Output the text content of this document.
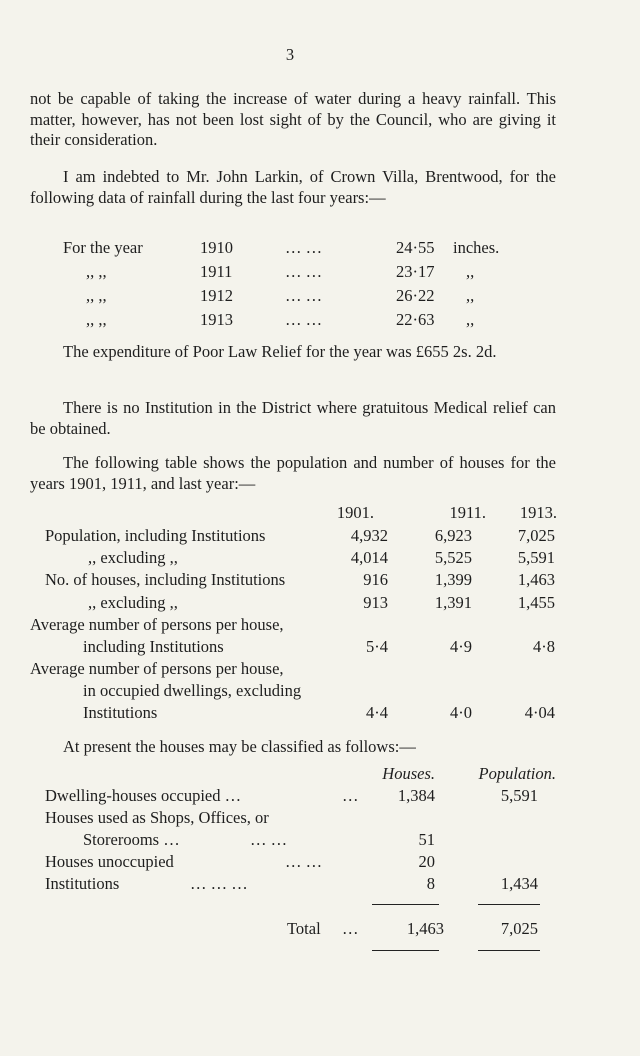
3

not be capable of taking the increase of water during a heavy rainfall. This matter, however, has not been lost sight of by the Council, who are giving it their consideration.

I am indebted to Mr. John Larkin, of Crown Villa, Brentwood, for the following data of rainfall during the last four years:—

For the year	1910	… …	24·55 inches.
,, ,,	1911	… …	23·17 ,,
,, ,,	1912	… …	26·22 ,,
,, ,,	1913	… …	22·63 ,,

The expenditure of Poor Law Relief for the year was £655 2s. 2d.

There is no Institution in the District where gratuitous Medical relief can be obtained.

The following table shows the population and number of houses for the years 1901, 1911, and last year:—

1901.	1911.	1913.
Population, including Institutions	4,932	6,923	7,025
,, excluding ,,	4,014	5,525	5,591
No. of houses, including Institutions	916	1,399	1,463
,, excluding ,,	913	1,391	1,455
Average number of persons per house,
including Institutions	5·4	4·9	4·8
Average number of persons per house,
in occupied dwellings, excluding
Institutions	4·4	4·0	4·04

At present the houses may be classified as follows:—

Houses.	Population.
Dwelling-houses occupied …	…	1,384	5,591
Houses used as Shops, Offices, or
Storerooms …	… …	51
Houses unoccupied	… …	20
Institutions	… … …	8	1,434
Total …	1,463	7,025
